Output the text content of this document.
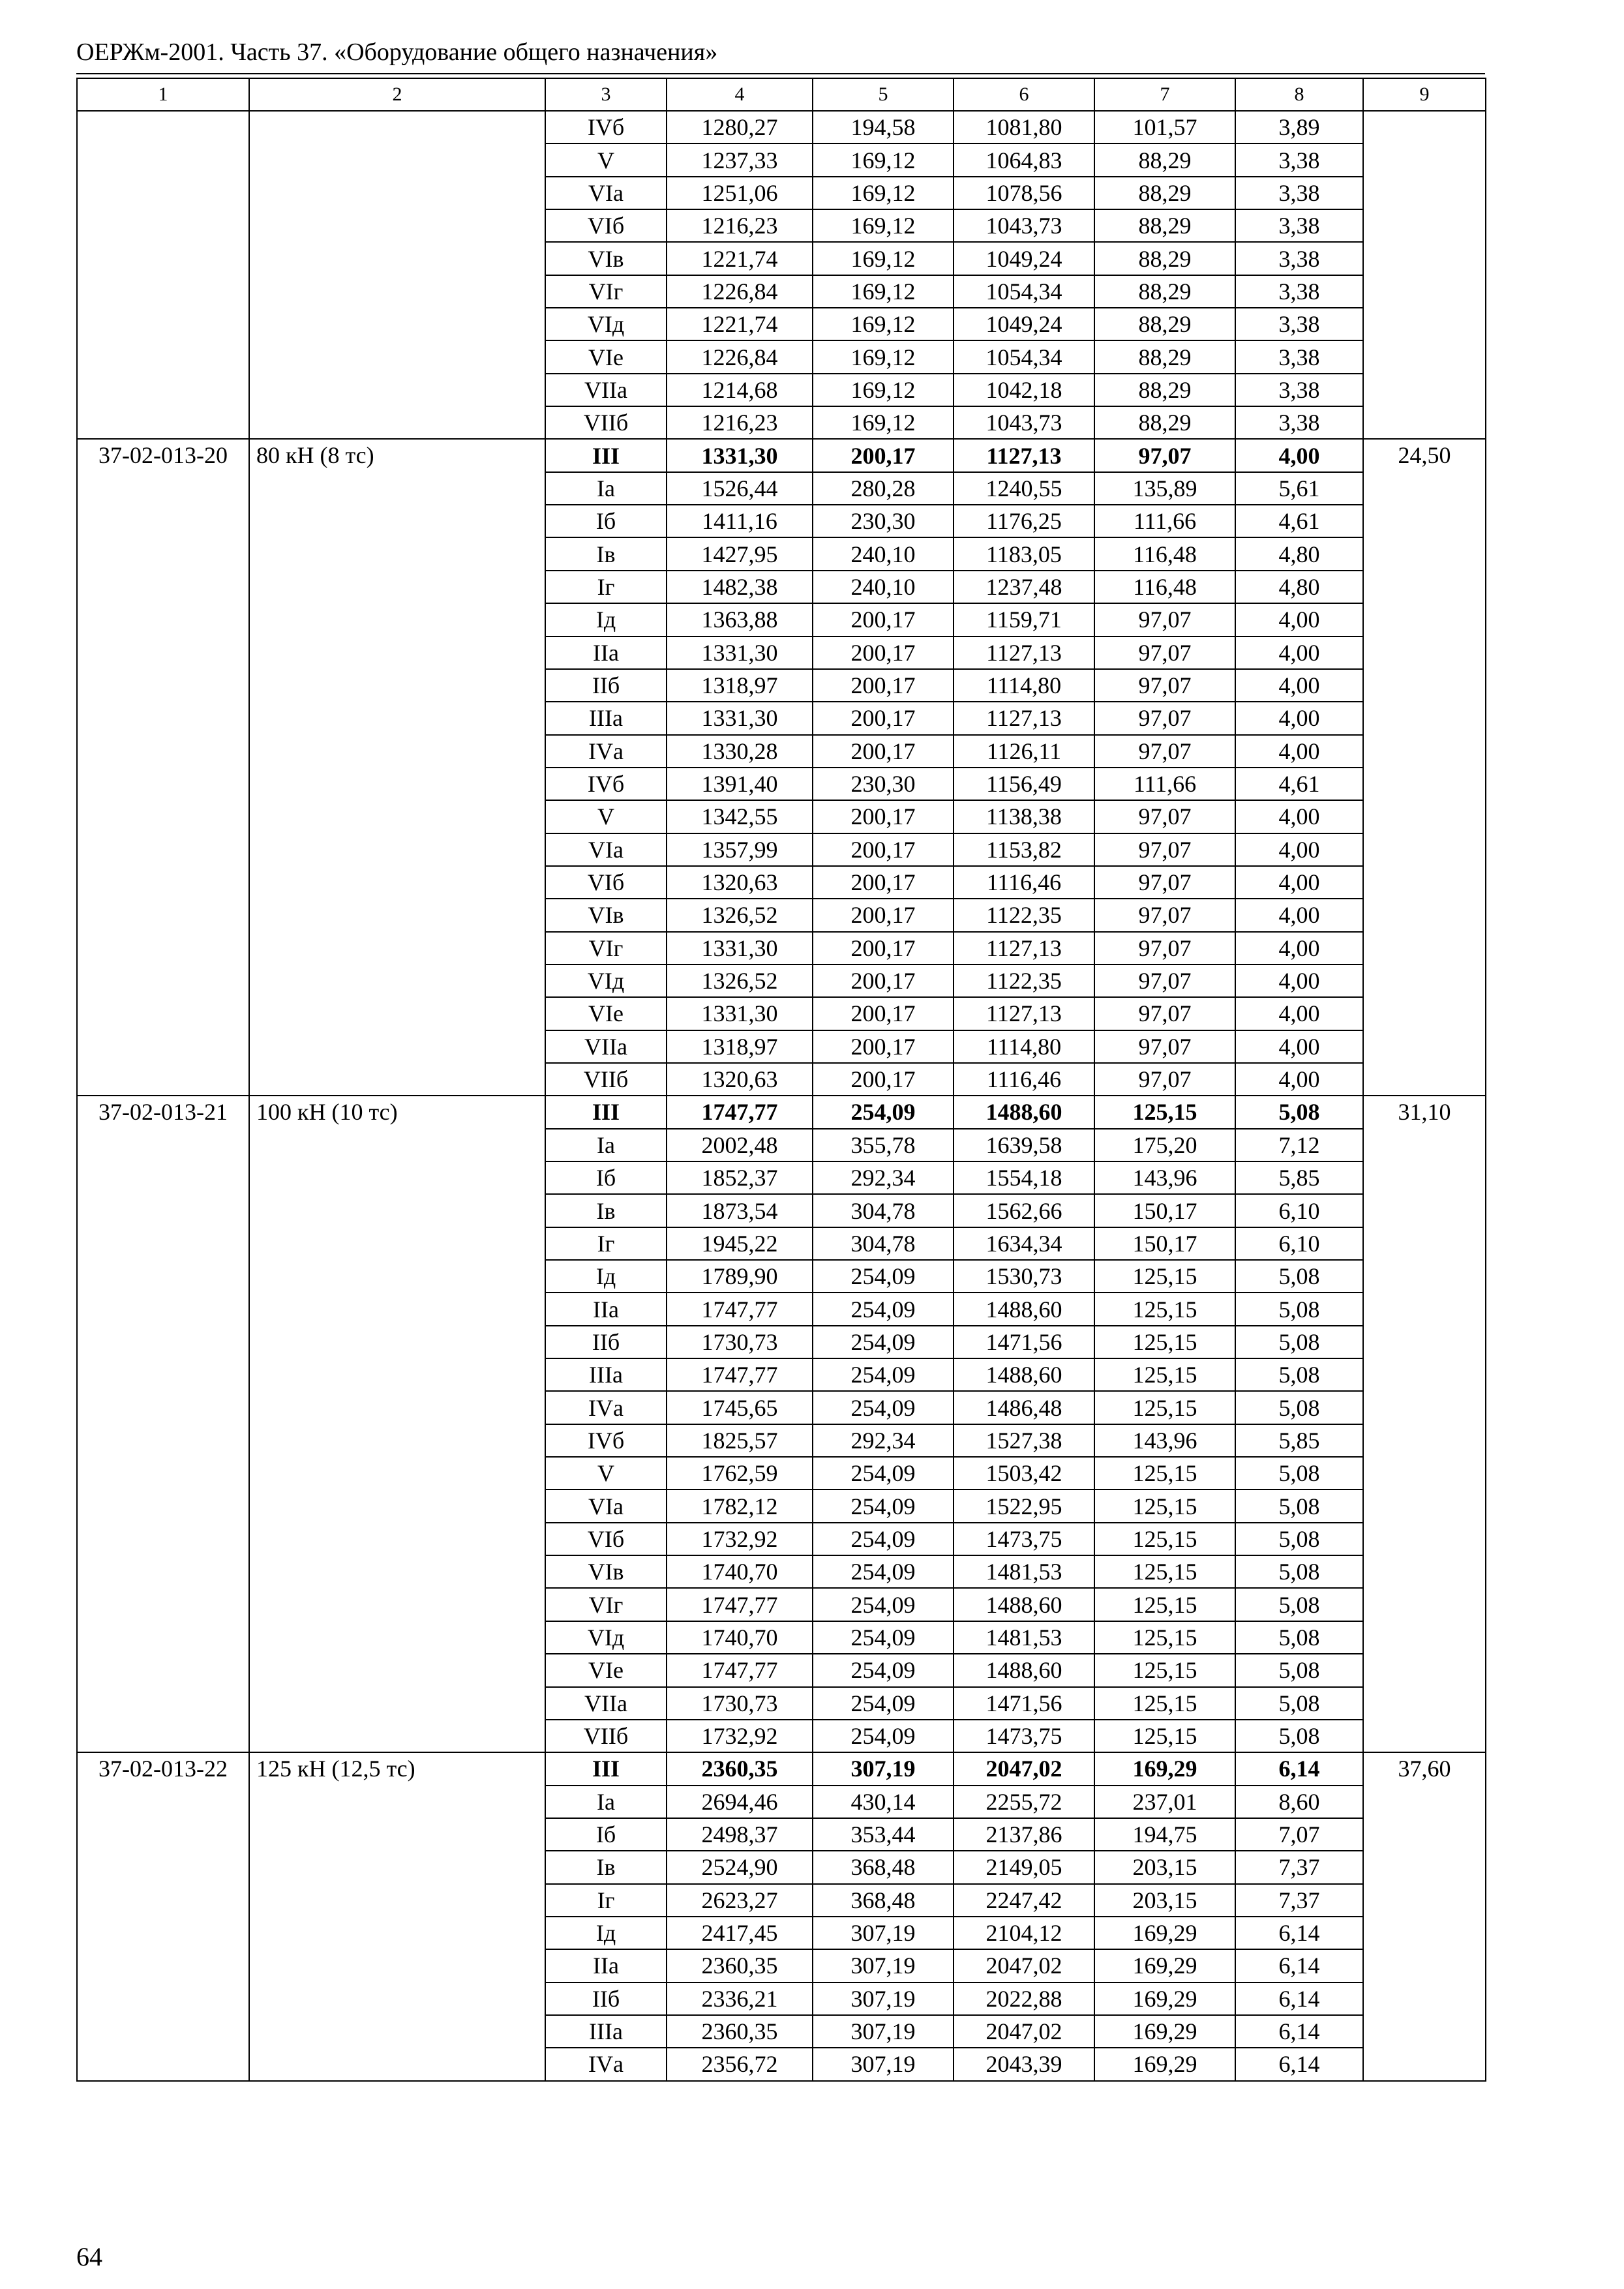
ОЕРЖм-2001. Часть 37. «Оборудование общего назначения»
1	2	3	4	5	6	7	8	9
		IVб	1280,27	194,58	1081,80	101,57	3,89	
		V	1237,33	169,12	1064,83	88,29	3,38	
		VIа	1251,06	169,12	1078,56	88,29	3,38	
		VIб	1216,23	169,12	1043,73	88,29	3,38	
		VIв	1221,74	169,12	1049,24	88,29	3,38	
		VIг	1226,84	169,12	1054,34	88,29	3,38	
		VIд	1221,74	169,12	1049,24	88,29	3,38	
		VIе	1226,84	169,12	1054,34	88,29	3,38	
		VIIа	1214,68	169,12	1042,18	88,29	3,38	
		VIIб	1216,23	169,12	1043,73	88,29	3,38	
37-02-013-20	80 кН (8 тс)	III	1331,30	200,17	1127,13	97,07	4,00	24,50
		Iа	1526,44	280,28	1240,55	135,89	5,61	
		Iб	1411,16	230,30	1176,25	111,66	4,61	
		Iв	1427,95	240,10	1183,05	116,48	4,80	
		Iг	1482,38	240,10	1237,48	116,48	4,80	
		Iд	1363,88	200,17	1159,71	97,07	4,00	
		IIа	1331,30	200,17	1127,13	97,07	4,00	
		IIб	1318,97	200,17	1114,80	97,07	4,00	
		IIIа	1331,30	200,17	1127,13	97,07	4,00	
		IVа	1330,28	200,17	1126,11	97,07	4,00	
		IVб	1391,40	230,30	1156,49	111,66	4,61	
		V	1342,55	200,17	1138,38	97,07	4,00	
		VIа	1357,99	200,17	1153,82	97,07	4,00	
		VIб	1320,63	200,17	1116,46	97,07	4,00	
		VIв	1326,52	200,17	1122,35	97,07	4,00	
		VIг	1331,30	200,17	1127,13	97,07	4,00	
		VIд	1326,52	200,17	1122,35	97,07	4,00	
		VIе	1331,30	200,17	1127,13	97,07	4,00	
		VIIа	1318,97	200,17	1114,80	97,07	4,00	
		VIIб	1320,63	200,17	1116,46	97,07	4,00	
37-02-013-21	100 кН (10 тс)	III	1747,77	254,09	1488,60	125,15	5,08	31,10
		Iа	2002,48	355,78	1639,58	175,20	7,12	
		Iб	1852,37	292,34	1554,18	143,96	5,85	
		Iв	1873,54	304,78	1562,66	150,17	6,10	
		Iг	1945,22	304,78	1634,34	150,17	6,10	
		Iд	1789,90	254,09	1530,73	125,15	5,08	
		IIа	1747,77	254,09	1488,60	125,15	5,08	
		IIб	1730,73	254,09	1471,56	125,15	5,08	
		IIIа	1747,77	254,09	1488,60	125,15	5,08	
		IVа	1745,65	254,09	1486,48	125,15	5,08	
		IVб	1825,57	292,34	1527,38	143,96	5,85	
		V	1762,59	254,09	1503,42	125,15	5,08	
		VIа	1782,12	254,09	1522,95	125,15	5,08	
		VIб	1732,92	254,09	1473,75	125,15	5,08	
		VIв	1740,70	254,09	1481,53	125,15	5,08	
		VIг	1747,77	254,09	1488,60	125,15	5,08	
		VIд	1740,70	254,09	1481,53	125,15	5,08	
		VIе	1747,77	254,09	1488,60	125,15	5,08	
		VIIа	1730,73	254,09	1471,56	125,15	5,08	
		VIIб	1732,92	254,09	1473,75	125,15	5,08	
37-02-013-22	125 кН (12,5 тс)	III	2360,35	307,19	2047,02	169,29	6,14	37,60
		Iа	2694,46	430,14	2255,72	237,01	8,60	
		Iб	2498,37	353,44	2137,86	194,75	7,07	
		Iв	2524,90	368,48	2149,05	203,15	7,37	
		Iг	2623,27	368,48	2247,42	203,15	7,37	
		Iд	2417,45	307,19	2104,12	169,29	6,14	
		IIа	2360,35	307,19	2047,02	169,29	6,14	
		IIб	2336,21	307,19	2022,88	169,29	6,14	
		IIIа	2360,35	307,19	2047,02	169,29	6,14	
		IVа	2356,72	307,19	2043,39	169,29	6,14	
64
